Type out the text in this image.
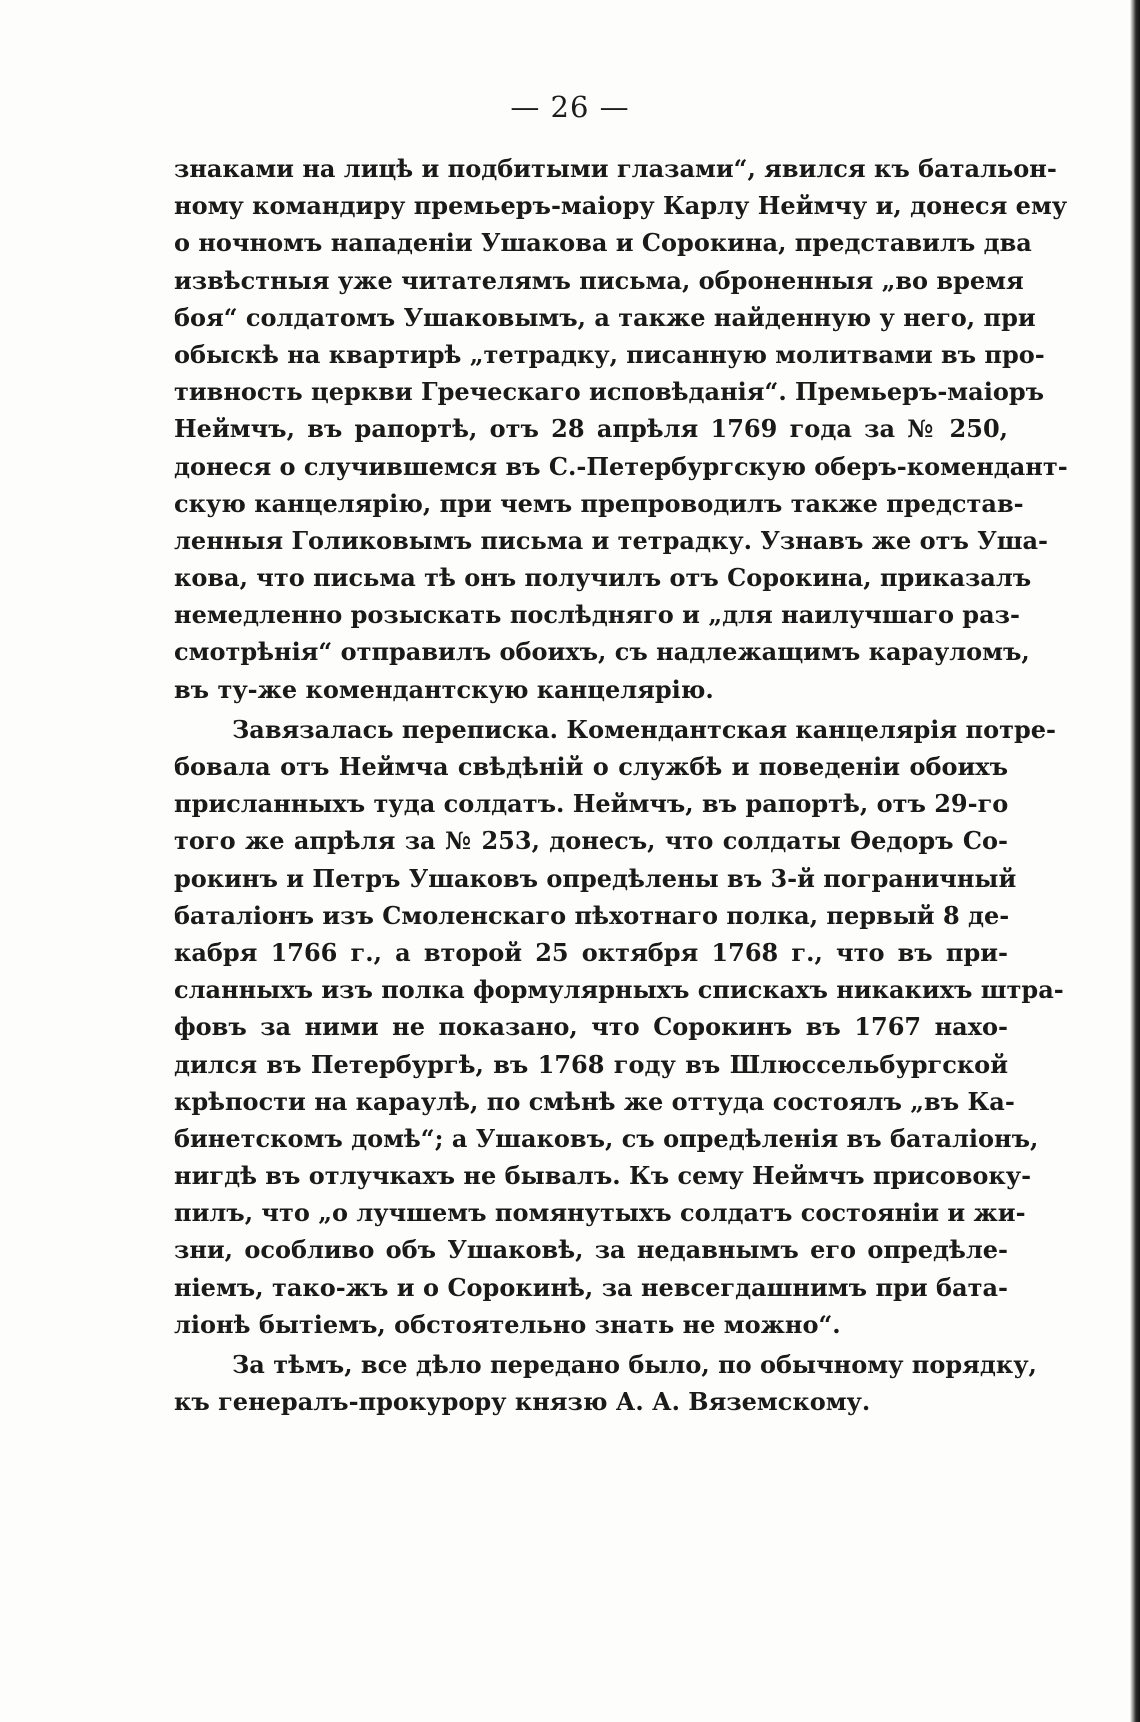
— 26 —
знаками на лицѣ и подбитыми глазами“, явился къ батальон-
ному командиру премьеръ-маіору Карлу Неймчу и, донеся ему
о ночномъ нападеніи Ушакова и Сорокина, представилъ два
извѣстныя уже читателямъ письма, оброненныя „во время
боя“ солдатомъ Ушаковымъ, а также найденную у него, при
обыскѣ на квартирѣ „тетрадку, писанную молитвами въ про-
тивность церкви Греческаго исповѣданія“. Премьеръ-маіоръ
Неймчъ, въ рапортѣ, отъ 28 апрѣля 1769 года за № 250,
донеся о случившемся въ С.-Петербургскую оберъ-комендант-
скую канцелярію, при чемъ препроводилъ также представ-
ленныя Голиковымъ письма и тетрадку. Узнавъ же отъ Уша-
кова, что письма тѣ онъ получилъ отъ Сорокина, приказалъ
немедленно розыскать послѣдняго и „для наилучшаго раз-
смотрѣнія“ отправилъ обоихъ, съ надлежащимъ карауломъ,
въ ту-же комендантскую канцелярію.
Завязалась переписка. Комендантская канцелярія потре-
бовала отъ Неймча свѣдѣній о службѣ и поведеніи обоихъ
присланныхъ туда солдатъ. Неймчъ, въ рапортѣ, отъ 29-го
того же апрѣля за № 253, донесъ, что солдаты Ѳедоръ Со-
рокинъ и Петръ Ушаковъ опредѣлены въ 3-й пограничный
баталіонъ изъ Смоленскаго пѣхотнаго полка, первый 8 де-
кабря 1766 г., а второй 25 октября 1768 г., что въ при-
сланныхъ изъ полка формулярныхъ спискахъ никакихъ штра-
фовъ за ними не показано, что Сорокинъ въ 1767 нахо-
дился въ Петербургѣ, въ 1768 году въ Шлюссельбургской
крѣпости на караулѣ, по смѣнѣ же оттуда состоялъ „въ Ка-
бинетскомъ домѣ“; а Ушаковъ, съ опредѣленія въ баталіонъ,
нигдѣ въ отлучкахъ не бывалъ. Къ сему Неймчъ присовоку-
пилъ, что „о лучшемъ помянутыхъ солдатъ состояніи и жи-
зни, особливо объ Ушаковѣ, за недавнымъ его опредѣле-
ніемъ, тако-жъ и о Сорокинѣ, за невсегдашнимъ при бата-
ліонѣ бытіемъ, обстоятельно знать не можно“.
За тѣмъ, все дѣло передано было, по обычному порядку,
къ генералъ-прокурору князю А. А. Вяземскому.
